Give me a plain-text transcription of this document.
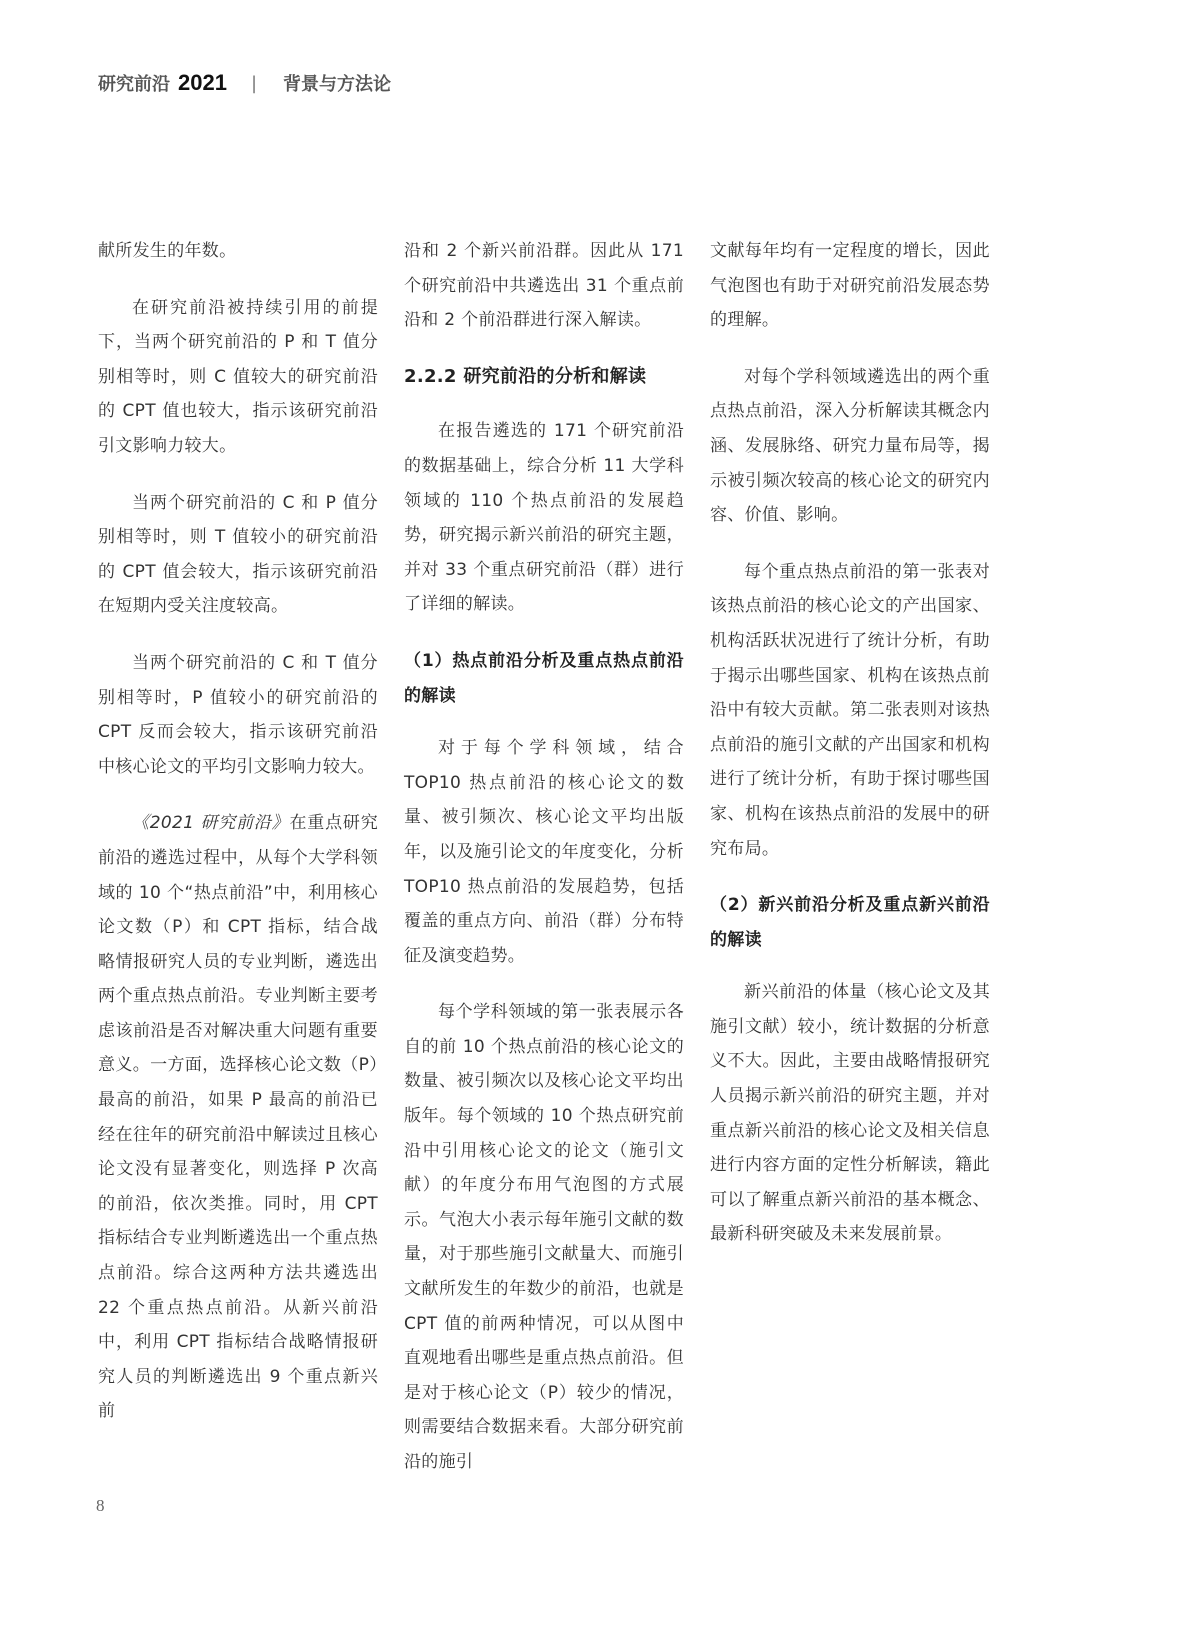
研究前沿 2021 | 背景与方法论

献所发生的年数。

在研究前沿被持续引用的前提下，当两个研究前沿的 P 和 T 值分别相等时，则 C 值较大的研究前沿的 CPT 值也较大，指示该研究前沿引文影响力较大。

当两个研究前沿的 C 和 P 值分别相等时，则 T 值较小的研究前沿的 CPT 值会较大，指示该研究前沿在短期内受关注度较高。

当两个研究前沿的 C 和 T 值分别相等时，P 值较小的研究前沿的 CPT 反而会较大，指示该研究前沿中核心论文的平均引文影响力较大。

《2021 研究前沿》在重点研究前沿的遴选过程中，从每个大学科领域的 10 个“热点前沿”中，利用核心论文数（P）和 CPT 指标，结合战略情报研究人员的专业判断，遴选出两个重点热点前沿。专业判断主要考虑该前沿是否对解决重大问题有重要意义。一方面，选择核心论文数（P）最高的前沿，如果 P 最高的前沿已经在往年的研究前沿中解读过且核心论文没有显著变化，则选择 P 次高的前沿，依次类推。同时，用 CPT 指标结合专业判断遴选出一个重点热点前沿。综合这两种方法共遴选出 22 个重点热点前沿。从新兴前沿中，利用 CPT 指标结合战略情报研究人员的判断遴选出 9 个重点新兴前

沿和 2 个新兴前沿群。因此从 171 个研究前沿中共遴选出 31 个重点前沿和 2 个前沿群进行深入解读。

2.2.2 研究前沿的分析和解读

在报告遴选的 171 个研究前沿的数据基础上，综合分析 11 大学科领域的 110 个热点前沿的发展趋势，研究揭示新兴前沿的研究主题，并对 33 个重点研究前沿（群）进行了详细的解读。

（1）热点前沿分析及重点热点前沿的解读

对于每个学科领域，结合 TOP10 热点前沿的核心论文的数量、被引频次、核心论文平均出版年，以及施引论文的年度变化，分析 TOP10 热点前沿的发展趋势，包括覆盖的重点方向、前沿（群）分布特征及演变趋势。

每个学科领域的第一张表展示各自的前 10 个热点前沿的核心论文的数量、被引频次以及核心论文平均出版年。每个领域的 10 个热点研究前沿中引用核心论文的论文（施引文献）的年度分布用气泡图的方式展示。气泡大小表示每年施引文献的数量，对于那些施引文献量大、而施引文献所发生的年数少的前沿，也就是 CPT 值的前两种情况，可以从图中直观地看出哪些是重点热点前沿。但是对于核心论文（P）较少的情况，则需要结合数据来看。大部分研究前沿的施引

文献每年均有一定程度的增长，因此气泡图也有助于对研究前沿发展态势的理解。

对每个学科领域遴选出的两个重点热点前沿，深入分析解读其概念内涵、发展脉络、研究力量布局等，揭示被引频次较高的核心论文的研究内容、价值、影响。

每个重点热点前沿的第一张表对该热点前沿的核心论文的产出国家、机构活跃状况进行了统计分析，有助于揭示出哪些国家、机构在该热点前沿中有较大贡献。第二张表则对该热点前沿的施引文献的产出国家和机构进行了统计分析，有助于探讨哪些国家、机构在该热点前沿的发展中的研究布局。

（2）新兴前沿分析及重点新兴前沿的解读

新兴前沿的体量（核心论文及其施引文献）较小，统计数据的分析意义不大。因此，主要由战略情报研究人员揭示新兴前沿的研究主题，并对重点新兴前沿的核心论文及相关信息进行内容方面的定性分析解读，籍此可以了解重点新兴前沿的基本概念、最新科研突破及未来发展前景。

8
